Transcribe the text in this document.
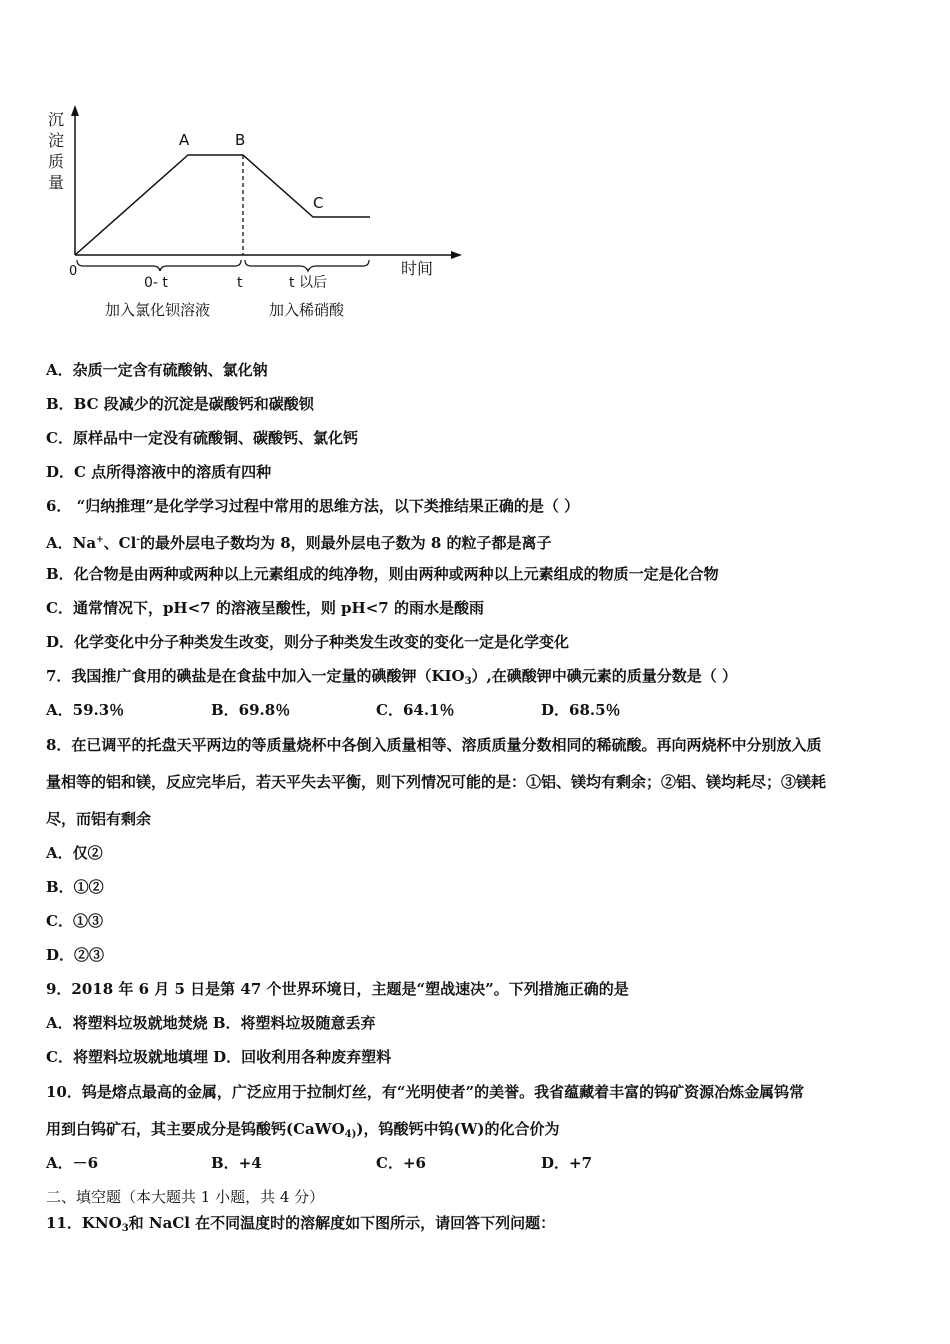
沉
淀
质
量
A	B
C
时间
0
0- t	t	t 以后
加入氯化钡溶液	加入稀硝酸
A．杂质一定含有硫酸钠、氯化钠
B．BC 段减少的沉淀是碳酸钙和碳酸钡
C．原样品中一定没有硫酸铜、碳酸钙、氯化钙
D．C 点所得溶液中的溶质有四种
6． “归纳推理”是化学学习过程中常用的思维方法，以下类推结果正确的是（ ）
A．Na+、Cl-的最外层电子数均为 8，则最外层电子数为 8 的粒子都是离子
B．化合物是由两种或两种以上元素组成的纯净物，则由两种或两种以上元素组成的物质一定是化合物
C．通常情况下，pH<7 的溶液呈酸性，则 pH<7 的雨水是酸雨
D．化学变化中分子种类发生改变，则分子种类发生改变的变化一定是化学变化
7．我国推广食用的碘盐是在食盐中加入一定量的碘酸钾$(KIO_3)$,在碘酸钾中碘元素的质量分数是（ ）
A．59.3％	B．69.8％	C．64.1％	D．68.5％
8．在已调平的托盘天平两边的等质量烧杯中各倒入质量相等、溶质质量分数相同的稀硫酸。再向两烧杯中分别放入质
量相等的铝和镁，反应完毕后，若天平失去平衡，则下列情况可能的是：①铝、镁均有剩余；②铝、镁均耗尽；③镁耗
尽，而铝有剩余
A．仅②
B．①②
C．①③
D．②③
9．2018 年 6 月 5 日是第 47 个世界环境日，主题是“塑战速决”。下列措施正确的是
A．将塑料垃圾就地焚烧 B．将塑料垃圾随意丢弃
C．将塑料垃圾就地填埋 D．回收利用各种废弃塑料
10．钨是熔点最高的金属，广泛应用于拉制灯丝，有“光明使者”的美誉。我省蕴藏着丰富的钨矿资源冶炼金属钨常
用到白钨矿石，其主要成分是钨酸钙(CaWO$_{4)}$)，钨酸钙中钨(W)的化合价为
A．－6	B．+4	C．+6	D．+7
二、填空题（本大题共 1 小题，共 4 分）
11．$KNO_3$和 NaCl 在不同温度时的溶解度如下图所示，请回答下列问题：
